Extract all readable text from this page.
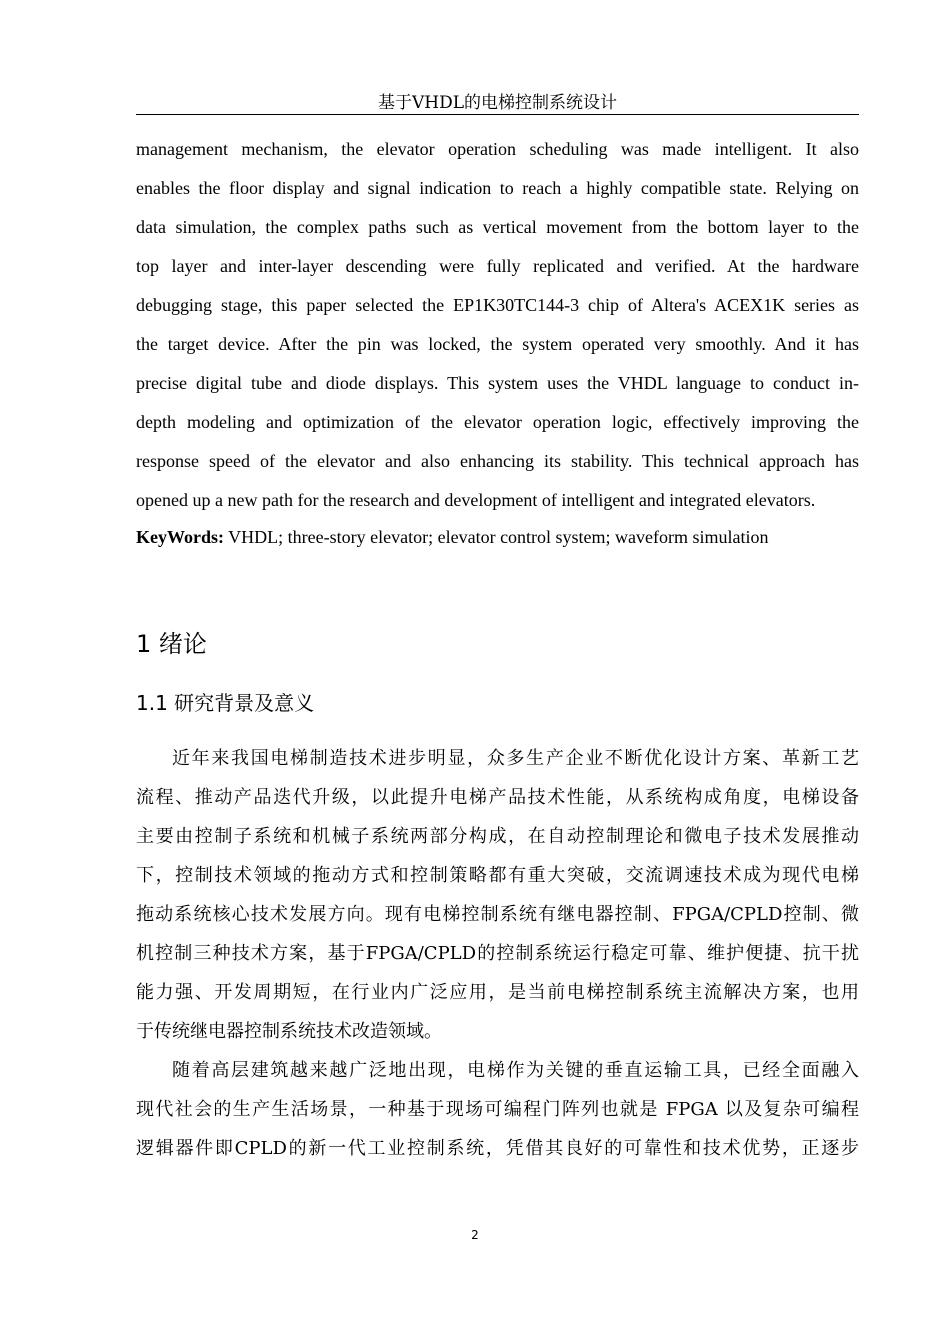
基于VHDL的电梯控制系统设计
management mechanism, the elevator operation scheduling was made intelligent. It also
enables the floor display and signal indication to reach a highly compatible state. Relying on
data simulation, the complex paths such as vertical movement from the bottom layer to the
top layer and inter-layer descending were fully replicated and verified. At the hardware
debugging stage, this paper selected the EP1K30TC144-3 chip of Altera's ACEX1K series as
the target device. After the pin was locked, the system operated very smoothly. And it has
precise digital tube and diode displays. This system uses the VHDL language to conduct in-
depth modeling and optimization of the elevator operation logic, effectively improving the
response speed of the elevator and also enhancing its stability. This technical approach has
opened up a new path for the research and development of intelligent and integrated elevators.
KeyWords: VHDL; three-story elevator; elevator control system; waveform simulation
1 绪论
1.1 研究背景及意义
近年来我国电梯制造技术进步明显，众多生产企业不断优化设计方案、革新工艺
流程、推动产品迭代升级，以此提升电梯产品技术性能，从系统构成角度，电梯设备
主要由控制子系统和机械子系统两部分构成，在自动控制理论和微电子技术发展推动
下，控制技术领域的拖动方式和控制策略都有重大突破，交流调速技术成为现代电梯
拖动系统核心技术发展方向。现有电梯控制系统有继电器控制、FPGA/CPLD控制、微
机控制三种技术方案，基于FPGA/CPLD的控制系统运行稳定可靠、维护便捷、抗干扰
能力强、开发周期短，在行业内广泛应用，是当前电梯控制系统主流解决方案，也用
于传统继电器控制系统技术改造领域。
随着高层建筑越来越广泛地出现，电梯作为关键的垂直运输工具，已经全面融入
现代社会的生产生活场景，一种基于现场可编程门阵列也就是 FPGA 以及复杂可编程
逻辑器件即CPLD的新一代工业控制系统，凭借其良好的可靠性和技术优势，正逐步
2
